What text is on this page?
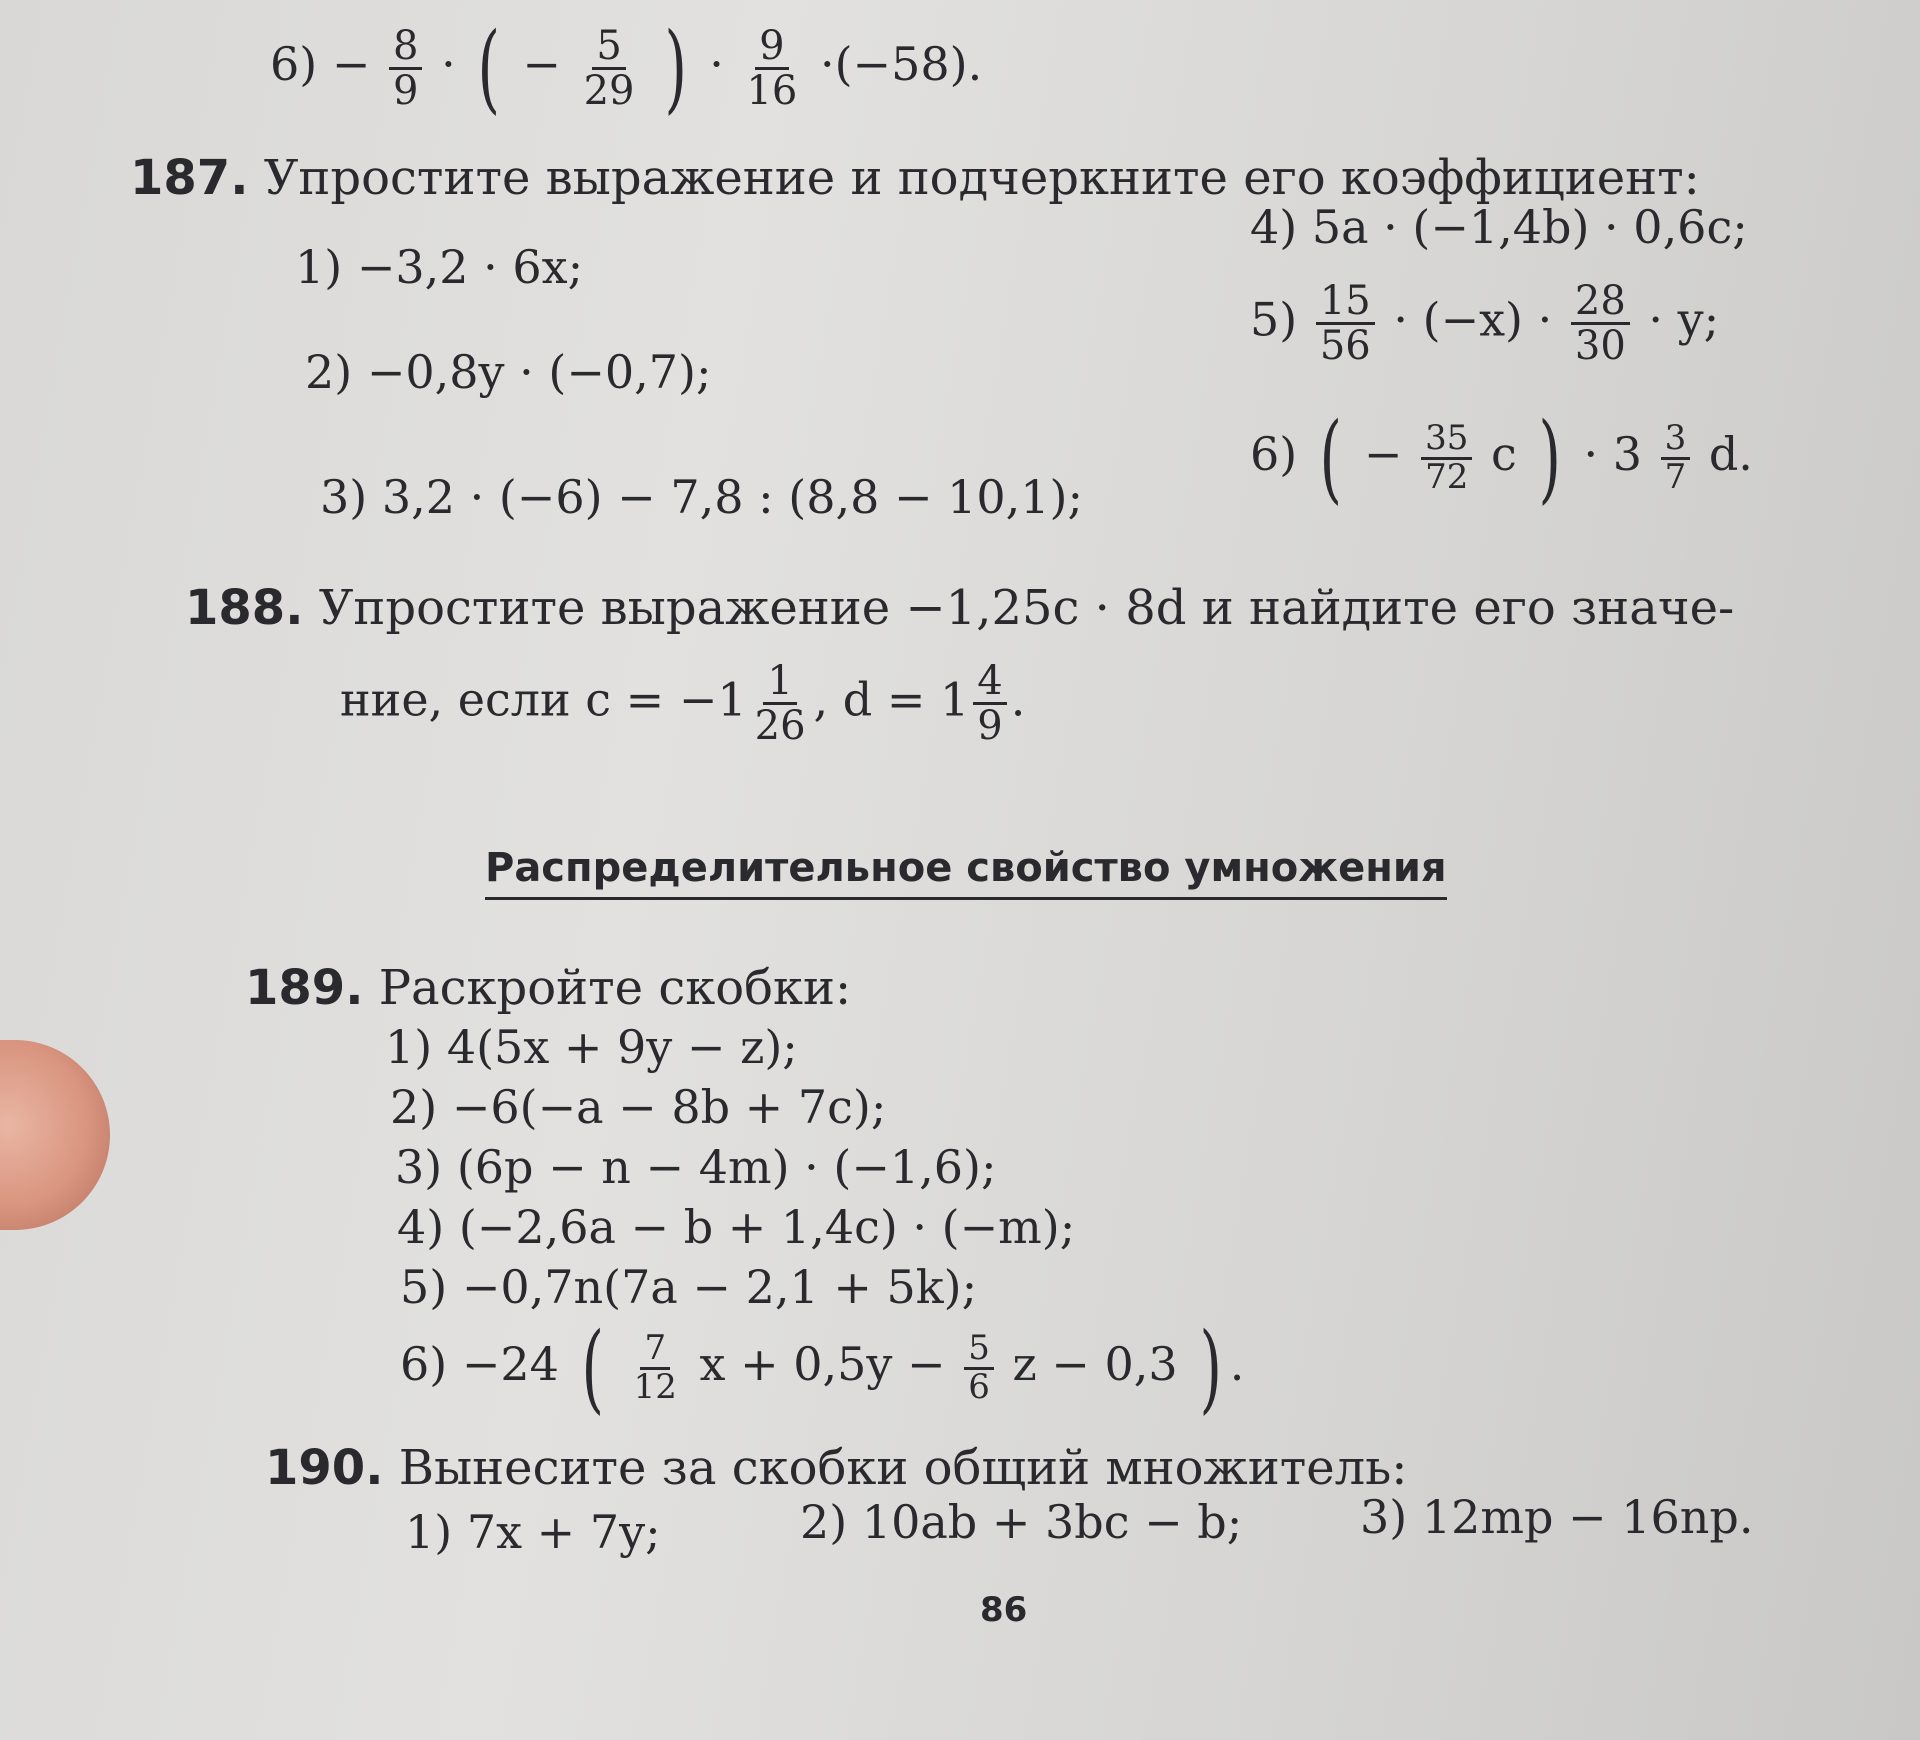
$6) - \frac{8}{9}$ · ( − $\frac{5}{29}$ ) · $\frac{9}{16} \cdot(-58)$.
187. Упростите выражение и подчеркните его коэффициент:
1) −3,2 · 6x;
2) −0,8y · (−0,7);
3) 3,2 · (−6) − 7,8 : (8,8 − 10,1);
4) 5a · (−1,4b) · 0,6c;
$5) \frac{15}{56} \cdot (-x) \cdot \frac{28}{30} \cdot y$;
6) ( − $\frac{35}{72}$ c ) · $3 \frac{3}{7} d$.
188. Упростите выражение −1,25c · 8d и найдите его значе-
ние, если $c = -1 \frac{1}{26}$ , $d = 1 \frac{4}{9}$ .
Распределительное свойство умножения
189. Раскройте скобки:
1) 4(5x + 9y − z);
2) −6(−a − 8b + 7c);
3) (6p − n − 4m) · (−1,6);
4) (−2,6a − b + 1,4c) · (−m);
5) −0,7n(7a − 2,1 + 5k);
6) −24 ( $\frac{7}{12}$ $x + 0,5y - \frac{5}{6}$ z − 0,3 ) .
190. Вынесите за скобки общий множитель:
1) 7x + 7y;	2) 10ab + 3bc − b;	3) 12mp − 16np.
86
